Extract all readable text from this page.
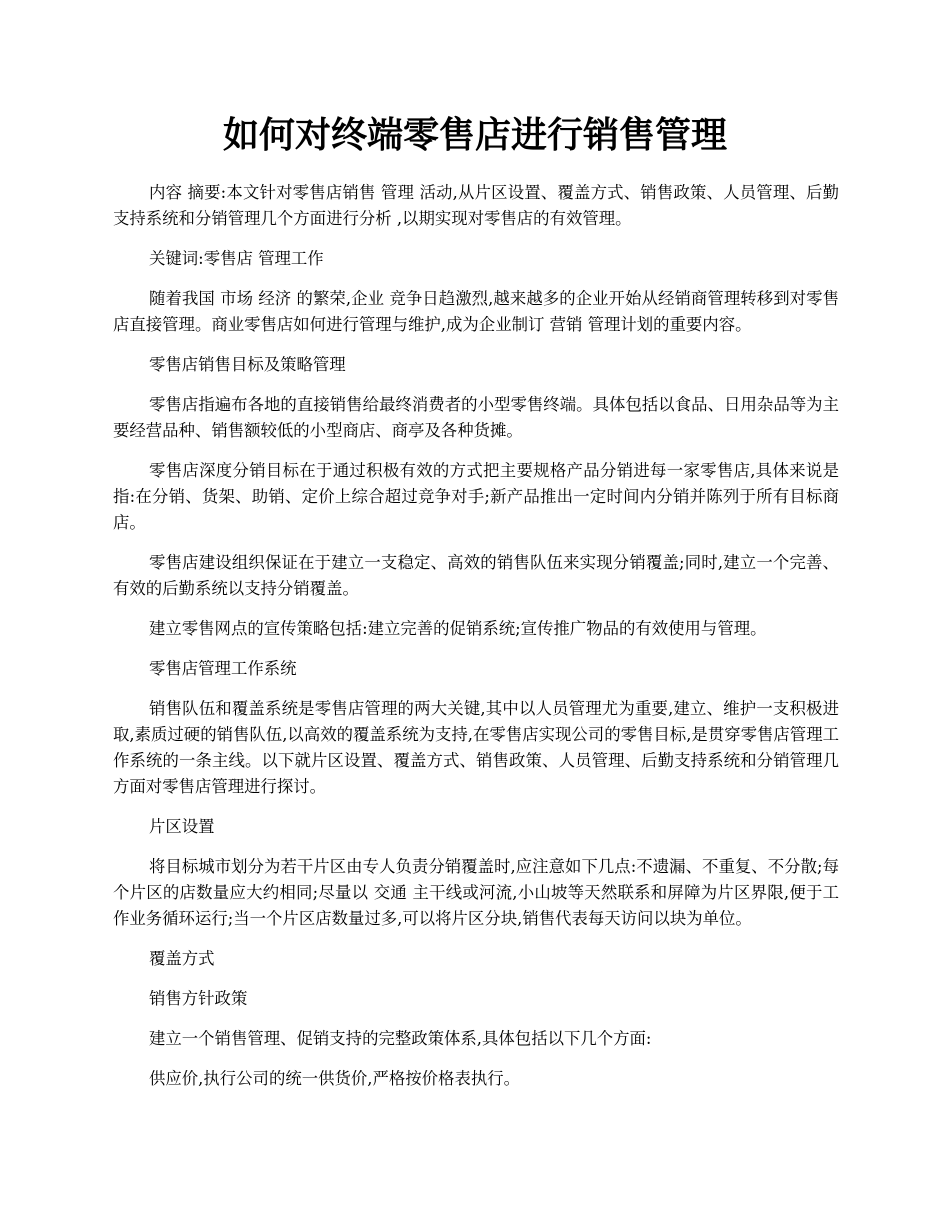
如何对终端零售店进行销售管理

内容 摘要:本文针对零售店销售 管理 活动,从片区设置、覆盖方式、销售政策、人员管理、后勤支持系统和分销管理几个方面进行分析 ,以期实现对零售店的有效管理。

关键词:零售店 管理工作

随着我国 市场 经济 的繁荣,企业 竞争日趋激烈,越来越多的企业开始从经销商管理转移到对零售店直接管理。商业零售店如何进行管理与维护,成为企业制订 营销 管理计划的重要内容。

零售店销售目标及策略管理

零售店指遍布各地的直接销售给最终消费者的小型零售终端。具体包括以食品、日用杂品等为主要经营品种、销售额较低的小型商店、商亭及各种货摊。

零售店深度分销目标在于通过积极有效的方式把主要规格产品分销进每一家零售店,具体来说是指:在分销、货架、助销、定价上综合超过竞争对手;新产品推出一定时间内分销并陈列于所有目标商店。

零售店建设组织保证在于建立一支稳定、高效的销售队伍来实现分销覆盖;同时,建立一个完善、有效的后勤系统以支持分销覆盖。

建立零售网点的宣传策略包括:建立完善的促销系统;宣传推广物品的有效使用与管理。

零售店管理工作系统

销售队伍和覆盖系统是零售店管理的两大关键,其中以人员管理尤为重要,建立、维护一支积极进取,素质过硬的销售队伍,以高效的覆盖系统为支持,在零售店实现公司的零售目标,是贯穿零售店管理工作系统的一条主线。以下就片区设置、覆盖方式、销售政策、人员管理、后勤支持系统和分销管理几方面对零售店管理进行探讨。

片区设置

将目标城市划分为若干片区由专人负责分销覆盖时,应注意如下几点:不遗漏、不重复、不分散;每个片区的店数量应大约相同;尽量以 交通 主干线或河流,小山坡等天然联系和屏障为片区界限,便于工作业务循环运行;当一个片区店数量过多,可以将片区分块,销售代表每天访问以块为单位。

覆盖方式

销售方针政策

建立一个销售管理、促销支持的完整政策体系,具体包括以下几个方面:

供应价,执行公司的统一供货价,严格按价格表执行。
